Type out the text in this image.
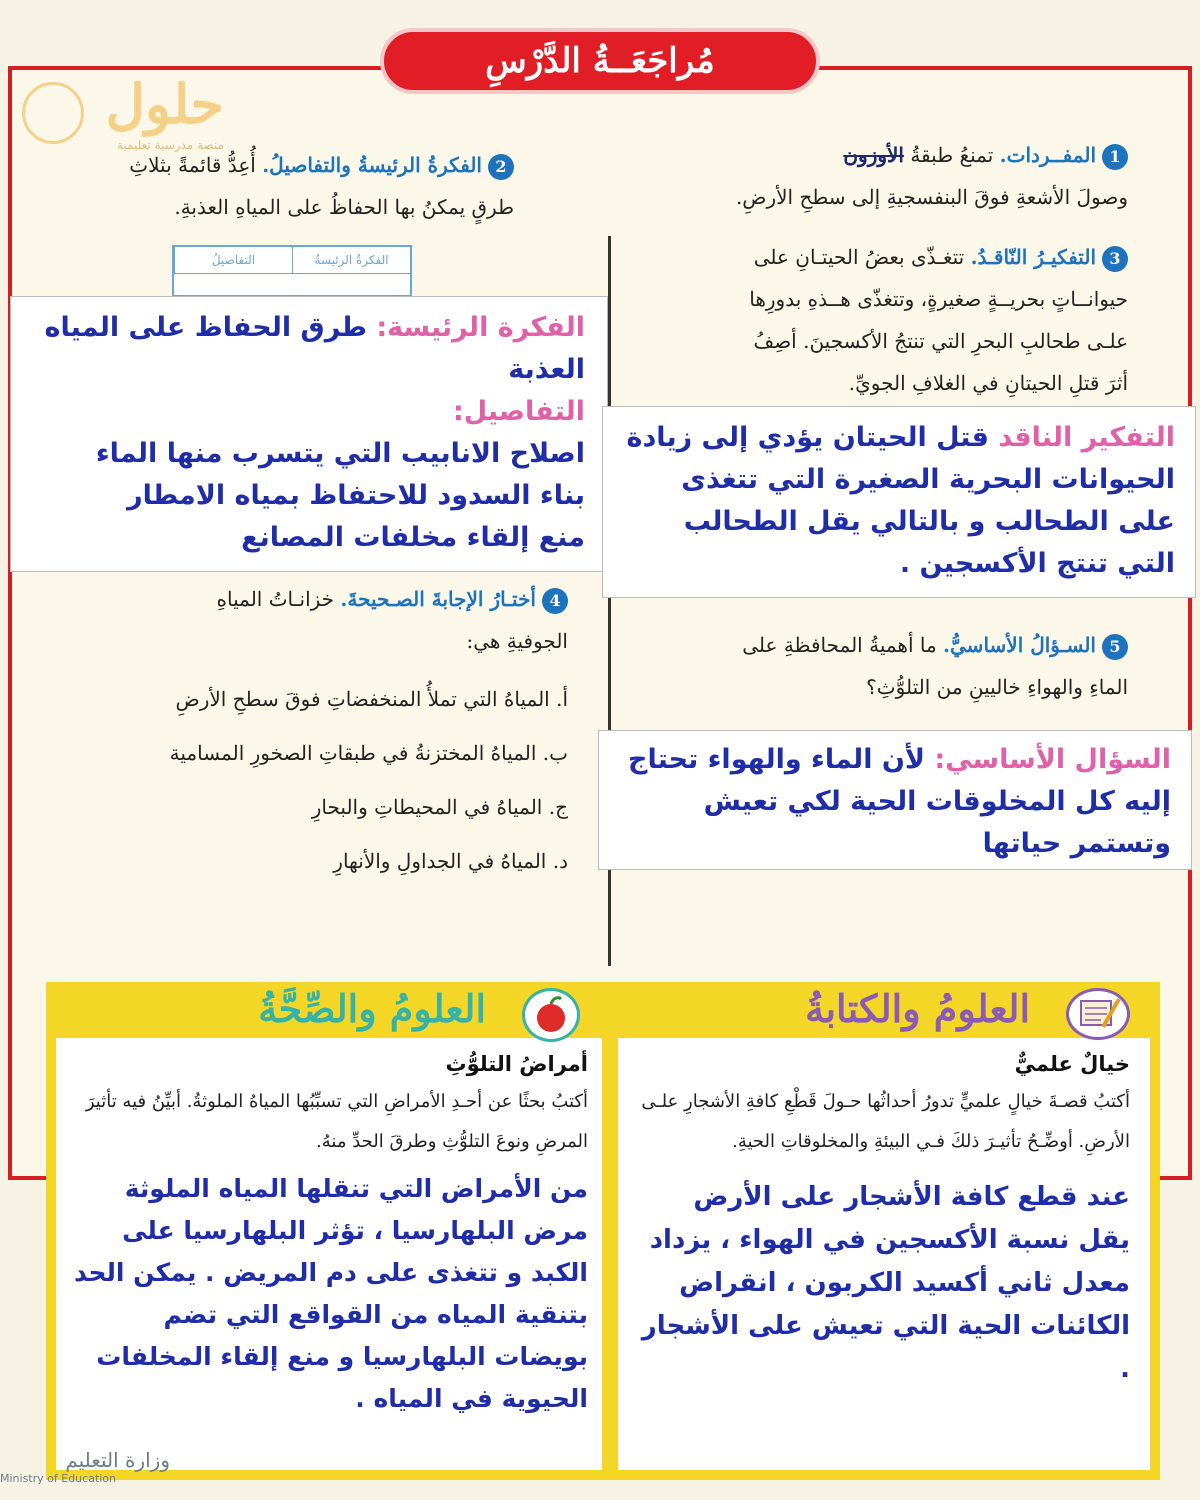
مُراجَعَــةُ الدَّرْسِ
حلول
منصة مدرسية تعليمية
1المفــردات. تمنعُ طبقةُ الأوزون
وصولَ الأشعةِ فوقَ البنفسجيةِ إلى سطحِ الأرضِ.
2الفكرةُ الرئيسةُ والتفاصيلُ. أُعِدُّ قائمةً بثلاثِ
طرقٍ يمكنُ بها الحفاظُ على المياهِ العذبةِ.
الفكرةُ الرئيسةُ
التفاصيلُ	3التفكيـرُ النّاقـدُ. تتغـذّى بعضُ الحيتـانِ على
حيوانــاتٍ بحريــةٍ صغيرةٍ، وتتغذّى هــذهِ بدورِها
علـى طحالبِ البحرِ التي تنتجُ الأكسجينَ. أصِفُ
أثرَ قتلِ الحيتانِ في الغلافِ الجويِّ.
الفكرة الرئيسة: طرق الحفاظ على المياه العذبة
التفاصيل:
اصلاح الانابيب التي يتسرب منها الماء
بناء السدود للاحتفاظ بمياه الامطار
منع إلقاء مخلفات المصانع
التفكير الناقد قتل الحيتان يؤدي إلى زيادة الحيوانات البحرية الصغيرة التي تتغذى على الطحالب و بالتالي يقل الطحالب التي تنتج الأكسجين .
4أختـارُ الإجابةَ الصـحيحةَ. خزانـاتُ المياهِ
الجوفيةِ هي:
أ. المياهُ التي تملأُ المنخفضاتِ فوقَ سطحِ الأرضِ
ب. المياهُ المختزنةُ في طبقاتِ الصخورِ المسامية
ج. المياهُ في المحيطاتِ والبحارِ
د. المياهُ في الجداولِ والأنهارِ
5السـؤالُ الأساسيُّ. ما أهميةُ المحافظةِ على
الماءِ والهواءِ خاليينِ من التلوُّثِ؟
السؤال الأساسي: لأن الماء والهواء تحتاج إليه كل المخلوقات الحية لكي تعيش وتستمر حياتها
العلومُ والكتابةُ
خيالٌ علميٌّ
أكتبُ قصـةَ خيالٍ علميٍّ تدورُ أحداثُها حـولَ قَطْعِ كافةِ الأشجارِ علـى الأرضِ. أوضِّـحُ تأثيـرَ ذلكَ فـي البيئةِ والمخلوقاتِ الحيةِ.
عند قطع كافة الأشجار على الأرض يقل نسبة الأكسجين في الهواء ، يزداد معدل ثاني أكسيد الكربون ، انقراض الكائنات الحية التي تعيش على الأشجار .
العلومُ والصِّحَّةُ
أمراضُ التلوُّثِ
أكتبُ بحثًا عن أحـدِ الأمراضِ التي تسبِّبُها المياهُ الملوثةُ. أبيِّنُ فيه تأثيرَ المرضِ ونوعَ التلوُّثِ وطرقَ الحدِّ منهُ.
من الأمراض التي تنقلها المياه الملوثة مرض البلهارسيا ، تؤثر البلهارسيا على الكبد و تتغذى على دم المريض . يمكن الحد بتنقية المياه من القواقع التي تضم بويضات البلهارسيا و منع إلقاء المخلفات الحيوية في المياه .
وزارة التعليم
Ministry of Education
